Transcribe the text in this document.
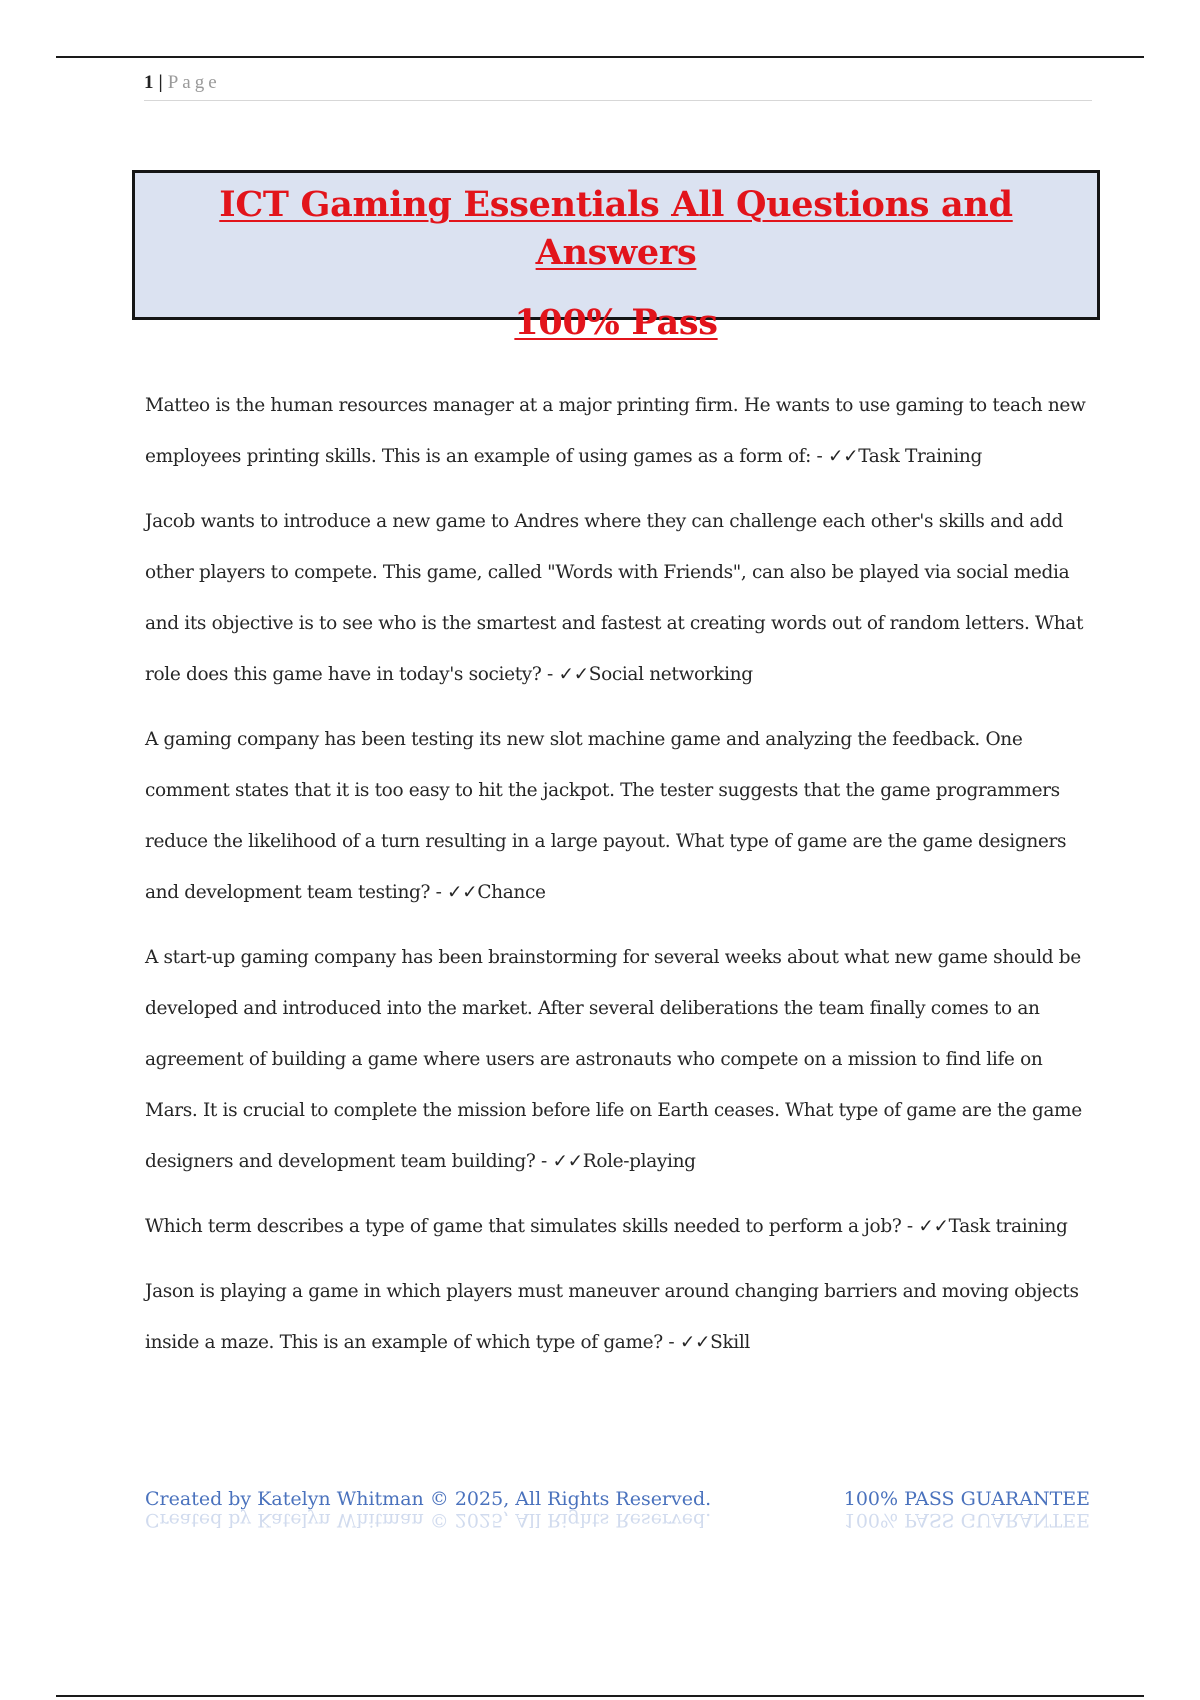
1 | Page
ICT Gaming Essentials All Questions and Answers
100% Pass

Matteo is the human resources manager at a major printing firm. He wants to use gaming to teach new employees printing skills. This is an example of using games as a form of: - ✓✓Task Training

Jacob wants to introduce a new game to Andres where they can challenge each other's skills and add other players to compete. This game, called "Words with Friends", can also be played via social media and its objective is to see who is the smartest and fastest at creating words out of random letters. What role does this game have in today's society? - ✓✓Social networking

A gaming company has been testing its new slot machine game and analyzing the feedback. One comment states that it is too easy to hit the jackpot. The tester suggests that the game programmers reduce the likelihood of a turn resulting in a large payout. What type of game are the game designers and development team testing? - ✓✓Chance

A start-up gaming company has been brainstorming for several weeks about what new game should be developed and introduced into the market. After several deliberations the team finally comes to an agreement of building a game where users are astronauts who compete on a mission to find life on Mars. It is crucial to complete the mission before life on Earth ceases. What type of game are the game designers and development team building? - ✓✓Role-playing

Which term describes a type of game that simulates skills needed to perform a job? - ✓✓Task training

Jason is playing a game in which players must maneuver around changing barriers and moving objects inside a maze. This is an example of which type of game? - ✓✓Skill

Created by Katelyn Whitman © 2025, All Rights Reserved.	100% PASS GUARANTEE
Created by Katelyn Whitman © 2025, All Rights Reserved.	100% PASS GUARANTEE
